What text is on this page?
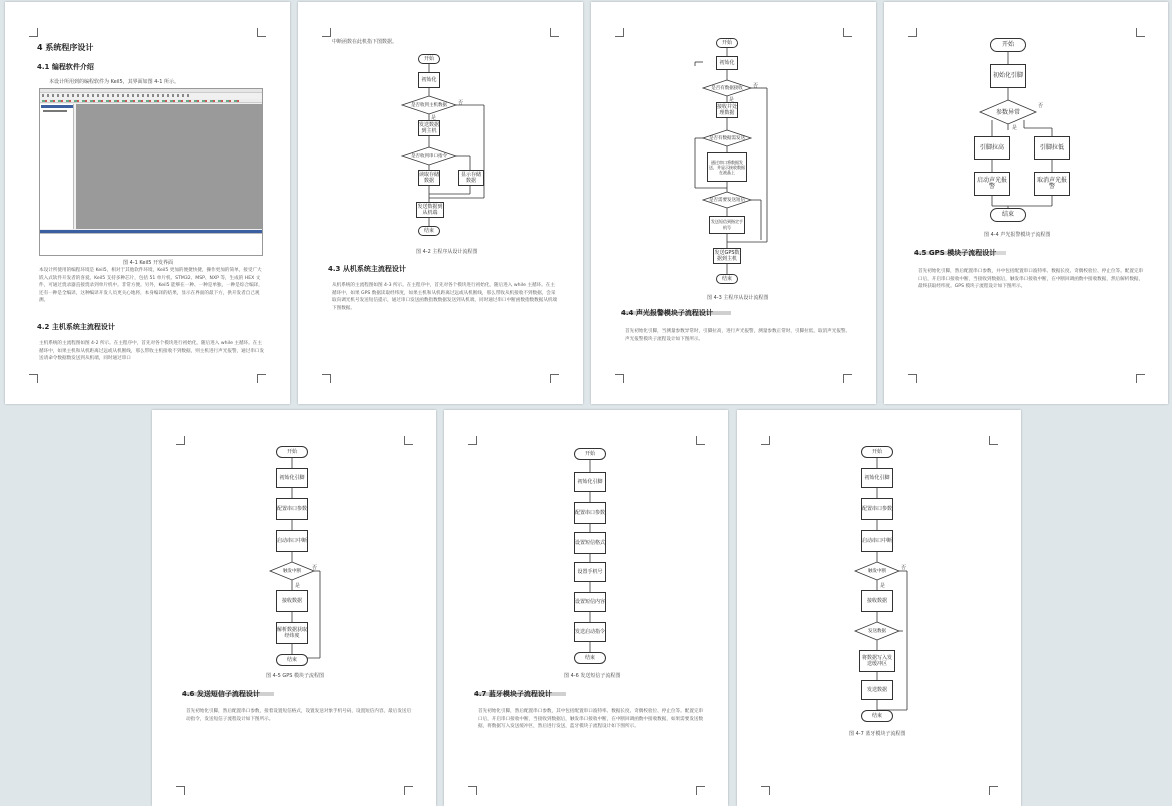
4 系统程序设计
4.1 编程软件介绍
本设计所用到的编程软件为 Keil5，其界面如图 4-1 所示。
图 4-1 Keil5 开发界面
本设计所使用的编程环境是 Keil5，相对于其他软件环境，Keil5 更加的便捷快捷，操作更加的简单，接受广大嵌入式软件开发者的喜爱。Keil5 支持多种芯片，包括 51 单片机、STM32、MSP、NXP 等，生成的 HEX 文件，可通过烧录器直接烧录到单片机中。非常方便。另外，Keil5 能够在一种、一种是单独，一种是综合编译，还有一种是全编译，这种编译开发人员更关心地将，本身编译的结果，显示在界面的最下方，供开发者自己观测。
4.2 主机系统主流程设计
主机系统的主流程图如图 4-2 所示。在主程序中，首先对各个模块进行初始化，随后进入 while 主循环。在主循环中，如果主机和从机距离过远或从机断线，那么带收主机接收不到数据，则主机进行声光报警，通过串口发送请命令数据数发送到从机端，同时通过串口
中断函数在此机指下图数据。
开始
初始化
是否收到主机数据
发送数据到主机
是否收到串口指令
读取存储数据
显示存储数据
发送数据到从机端
结束
是
否
图 4-2 主程序从设计流程图
4.3 从机系统主流程设计
从机系统的主流程图如图 4-3 所示。在主程序中，首先对各个模块进行初始化，随后进入 while 主循环。在主循环中，如果 GPS 数据读取经纬度，如果主机和从机距离过远或从机断线，那么带收从机接收不到数据，会采取向调光机号发送短信提示，通过串口发送函数指数数据发送到从机端，同时通过串口中断函数指数数据从机端下图数据。
开始
初始化
是否有数据接收
接收并处理数据
是否有数据需发送
通过串口将数据发送，并显示接收数据在液晶上
是否需要发送短信
发送短信到指定手机号
发送GPS数据到主机
结束
是
否
图 4-3 主程序从设计流程图
4.4 声光报警模块子流程设计
首先初始化引脚，当测量参数异常时，引脚拉高，进行声光报警，测量参数正常时，引脚拉低，取消声光报警。声光报警模块子流程设计如下图所示。
开始
初始化引脚
参数异常
引脚拉高	引脚拉低
启动声光报警
取消声光报警
结束
是
否
图 4-4 声光报警模块子流程图
4.5 GPS 模块子流程设计
首先初始化引脚，然后配置串口参数，并中包括配置串口波特率、数据长度、奇偶校验位、停止位等。配置完串口后，开启串口接收中断，当接收到数据后，触发串口接收中断，在中断回调函数中接收数据，然后解析数据，最终获取经纬度。GPS 模块子流程设计如下图所示。
开始
初始化引脚
配置串口参数
启动串口中断
触发中断
接收数据
解析数据获取经纬度
结束
是
否
图 4-5 GPS 模块子流程图
4.6 发送短信子流程设计
首先初始化引脚，然后配置串口参数，接着设置短信格式，设置发送对象手机号码，设置短信内容，最后发送启动指令，发送短信子流程设计如下图所示。
开始
初始化引脚
配置串口参数
设置短信格式
设置手机号
设置短信内容
发送启动指令
结束
图 4-6 发送短信子流程图
4.7 蓝牙模块子流程设计
首先初始化引脚，然后配置串口参数，其中包括配置串口波特率、数据长度、奇偶校验位、停止位等。配置完串口后，开启串口接收中断，当接收到数据后，触发串口接收中断，在中断回调函数中接收数据，如果需要发送数据，将数据写入发送缓冲区，然后进行发送，蓝牙模块子流程设计如下图所示。
开始
初始化引脚
配置串口参数
启动串口中断
触发中断
接收数据
发送数据
将数据写入发送缓冲区
发送数据
结束
是
否
图 4-7 蓝牙模块子流程图
